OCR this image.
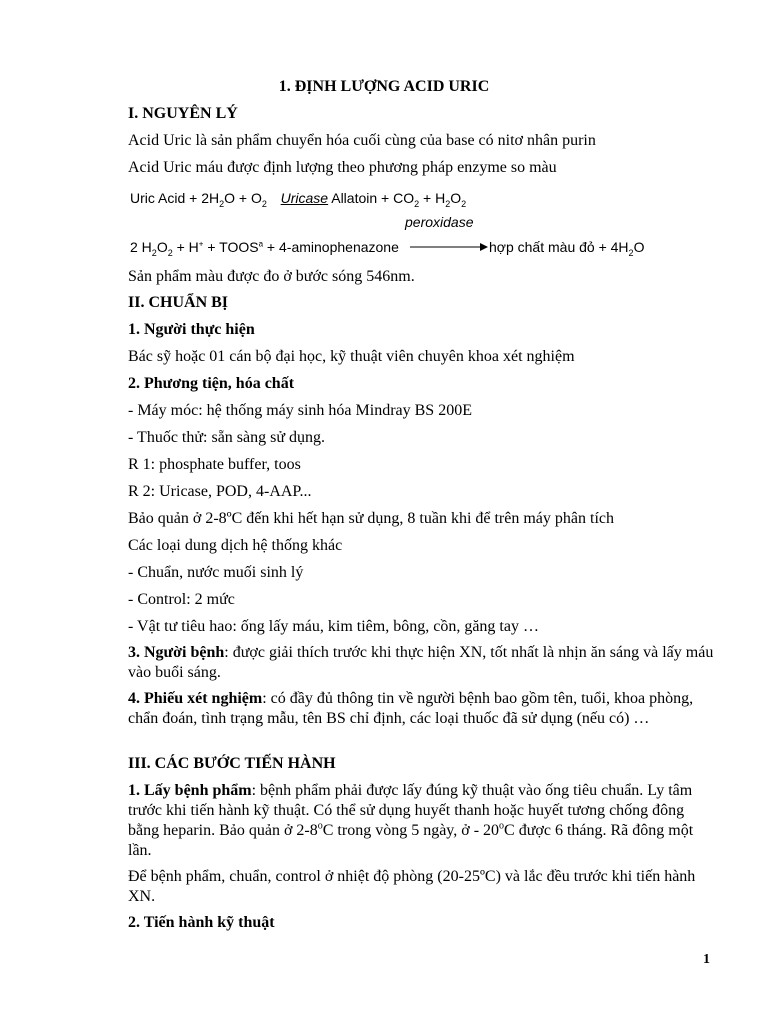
1. ĐỊNH LƯỢNG ACID URIC
I. NGUYÊN LÝ
Acid Uric là sản phẩm chuyển hóa cuối cùng của base có nitơ nhân purin
Acid Uric máu được định lượng theo phương pháp enzyme so màu
Uric Acid + $2H_2O + O_2$ Uricase Allatoin + $CO_2 + H_2O_2$
peroxidase
2 $H_2O_2 + H^+$ + $TOOS^a$ + 4-aminophenazone	hợp chất màu đỏ + $4H_2O$
Sản phẩm màu được đo ở bước sóng 546nm.
II. CHUẨN BỊ
1. Người thực hiện
Bác sỹ hoặc 01 cán bộ đại học, kỹ thuật viên chuyên khoa xét nghiệm
2. Phương tiện, hóa chất
- Máy móc: hệ thống máy sinh hóa Mindray BS 200E
- Thuốc thử: sẵn sàng sử dụng.
R 1: phosphate buffer, toos
R 2: Uricase, POD, 4-AAP...
Bảo quản ở 2-8ºC đến khi hết hạn sử dụng, 8 tuần khi để trên máy phân tích
Các loại dung dịch hệ thống khác
- Chuẩn, nước muối sinh lý
- Control: 2 mức
- Vật tư tiêu hao: ống lấy máu, kim tiêm, bông, cồn, găng tay …
3. Người bệnh: được giải thích trước khi thực hiện XN, tốt nhất là nhịn ăn sáng và lấy máu vào buổi sáng.
4. Phiếu xét nghiệm: có đầy đủ thông tin về người bệnh bao gồm tên, tuổi, khoa phòng, chẩn đoán, tình trạng mẫu, tên BS chỉ định, các loại thuốc đã sử dụng (nếu có) …
III. CÁC BƯỚC TIẾN HÀNH
1. Lấy bệnh phẩm: bệnh phẩm phải được lấy đúng kỹ thuật vào ống tiêu chuẩn. Ly tâm trước khi tiến hành kỹ thuật. Có thể sử dụng huyết thanh hoặc huyết tương chống đông bằng heparin. Bảo quản ở 2-8$^o$C trong vòng 5 ngày, ở - 20$^o$C được 6 tháng. Rã đông một lần.
Để bệnh phẩm, chuẩn, control ở nhiệt độ phòng (20-25ºC) và lắc đều trước khi tiến hành XN.
2. Tiến hành kỹ thuật
1
